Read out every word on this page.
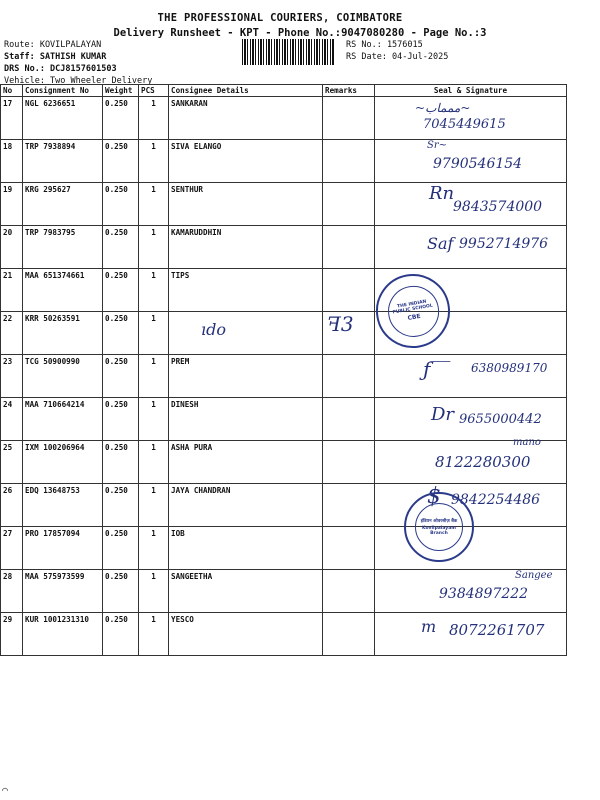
THE PROFESSIONAL COURIERS, COIMBATORE
Delivery Runsheet - KPT - Phone No.:9047080280 - Page No.:3
Route: KOVILPALAYAN
Staff: SATHISH KUMAR
DRS No.: DCJ815760150З
Vehicle: Two Wheeler Delivery
RS No.: 1576015
RS Date: 04-Jul-2025
No	Consignment No	Weight	PCS	Consignee Details	Remarks	Seal & Signature
17	NGL 6236651	0.250	1	SANKARAN		~ممماب~
7045449615

18	TRP 7938894	0.250	1	SIVA ELANGO		Sr~
9790546154

19	KRG 295627	0.250	1	SENTHUR		Rn
9843574000

20	TRP 7983795	0.250	1	KAMARUDDHIN		Saf 9952714976

21	MAA 651374661	0.250	1	TIPS		
22	KRR 50263591	0.250	1	ıdo	ꟻ3	

23	TCG 50900990	0.250	1	PREM		ƒ‾‾ 6380989170

24	MAA 710664214	0.250	1	DINESH		Dr 9655000442

25	IXM 100206964	0.250	1	ASHA PURA		mano
8122280300

26	EDQ 13648753	0.250	1	JAYA CHANDRAN		$ 9842254486

27	PRO 17857094	0.250	1	IOB		
28	MAA 575973599	0.250	1	SANGEETHA		Sangee
9384897222

29	KUR 1001231310	0.250	1	YESCO		m 8072261707
THE INDIAN PUBLIC SCHOOL
CBE
इंडियन ओवरसीज़ बैंक
Kovilpalayam Branch
⌒
